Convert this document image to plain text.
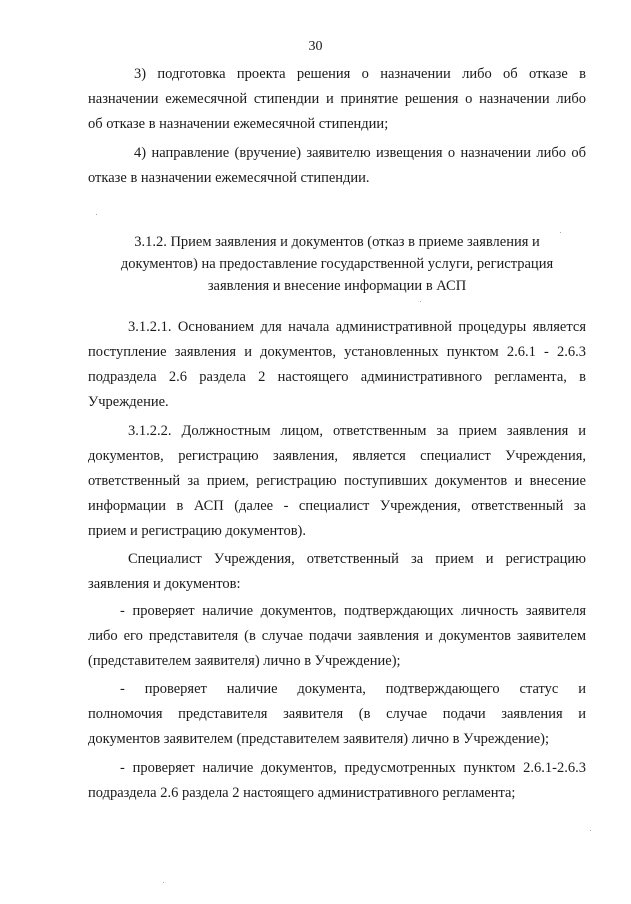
30
3) подготовка проекта решения о назначении либо об отказе в
назначении ежемесячной стипендии и принятие решения о назначении либо
об отказе в назначении ежемесячной стипендии;
4) направление (вручение) заявителю извещения о назначении либо об
отказе в назначении ежемесячной стипендии.
3.1.2. Прием заявления и документов (отказ в приеме заявления и
документов) на предоставление государственной услуги, регистрация
заявления и внесение информации в АСП
3.1.2.1. Основанием для начала административной процедуры является
поступление заявления и документов, установленных пунктом 2.6.1 - 2.6.3
подраздела 2.6 раздела 2 настоящего административного регламента, в
Учреждение.
3.1.2.2. Должностным лицом, ответственным за прием заявления и
документов, регистрацию заявления, является специалист Учреждения,
ответственный за прием, регистрацию поступивших документов и внесение
информации в АСП (далее - специалист Учреждения, ответственный за
прием и регистрацию документов).
Специалист Учреждения, ответственный за прием и регистрацию
заявления и документов:
- проверяет наличие документов, подтверждающих личность заявителя
либо его представителя (в случае подачи заявления и документов заявителем
(представителем заявителя) лично в Учреждение);
- проверяет наличие документа, подтверждающего статус и
полномочия представителя заявителя (в случае подачи заявления и
документов заявителем (представителем заявителя) лично в Учреждение);
- проверяет наличие документов, предусмотренных пунктом 2.6.1-2.6.3
подраздела 2.6 раздела 2 настоящего административного регламента;
